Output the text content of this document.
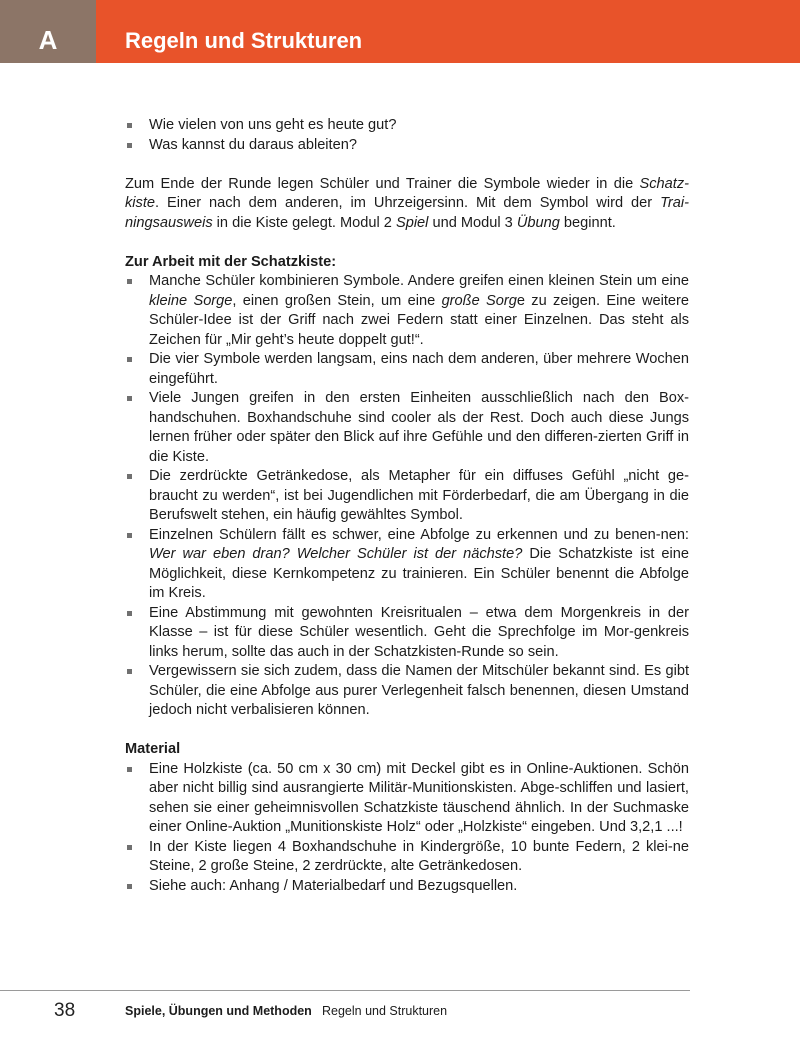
A	Regeln und Strukturen
Wie vielen von uns geht es heute gut?
Was kannst du daraus ableiten?

Zum Ende der Runde legen Schüler und Trainer die Symbole wieder in die Schatz-kiste. Einer nach dem anderen, im Uhrzeigersinn. Mit dem Symbol wird der Trai-ningsausweis in die Kiste gelegt. Modul 2 Spiel und Modul 3 Übung beginnt.

Zur Arbeit mit der Schatzkiste:
Manche Schüler kombinieren Symbole. Andere greifen einen kleinen Stein um eine kleine Sorge, einen großen Stein, um eine große Sorge zu zeigen. Eine weitere Schüler-Idee ist der Griff nach zwei Federn statt einer Einzelnen. Das steht als Zeichen für „Mir geht’s heute doppelt gut!“.
Die vier Symbole werden langsam, eins nach dem anderen, über mehrere Wochen eingeführt.
Viele Jungen greifen in den ersten Einheiten ausschließlich nach den Box-handschuhen. Boxhandschuhe sind cooler als der Rest. Doch auch diese Jungs lernen früher oder später den Blick auf ihre Gefühle und den differen-zierten Griff in die Kiste.
Die zerdrückte Getränkedose, als Metapher für ein diffuses Gefühl „nicht ge-braucht zu werden“, ist bei Jugendlichen mit Förderbedarf, die am Übergang in die Berufswelt stehen, ein häufig gewähltes Symbol.
Einzelnen Schülern fällt es schwer, eine Abfolge zu erkennen und zu benen-nen: Wer war eben dran? Welcher Schüler ist der nächste? Die Schatzkiste ist eine Möglichkeit, diese Kernkompetenz zu trainieren. Ein Schüler benennt die Abfolge im Kreis.
Eine Abstimmung mit gewohnten Kreisritualen – etwa dem Morgenkreis in der Klasse – ist für diese Schüler wesentlich. Geht die Sprechfolge im Mor-genkreis links herum, sollte das auch in der Schatzkisten-Runde so sein.
Vergewissern sie sich zudem, dass die Namen der Mitschüler bekannt sind. Es gibt Schüler, die eine Abfolge aus purer Verlegenheit falsch benennen, diesen Umstand jedoch nicht verbalisieren können.
Material
Eine Holzkiste (ca. 50 cm x 30 cm) mit Deckel gibt es in Online-Auktionen. Schön aber nicht billig sind ausrangierte Militär-Munitionskisten. Abge-schliffen und lasiert, sehen sie einer geheimnisvollen Schatzkiste täuschend ähnlich. In der Suchmaske einer Online-Auktion „Munitionskiste Holz“ oder „Holzkiste“ eingeben. Und 3,2,1 ...!
In der Kiste liegen 4 Boxhandschuhe in Kindergröße, 10 bunte Federn, 2 klei-ne Steine, 2 große Steine, 2 zerdrückte, alte Getränkedosen.
Siehe auch: Anhang / Materialbedarf und Bezugsquellen.
38	Spiele, Übungen und Methoden Regeln und Strukturen
